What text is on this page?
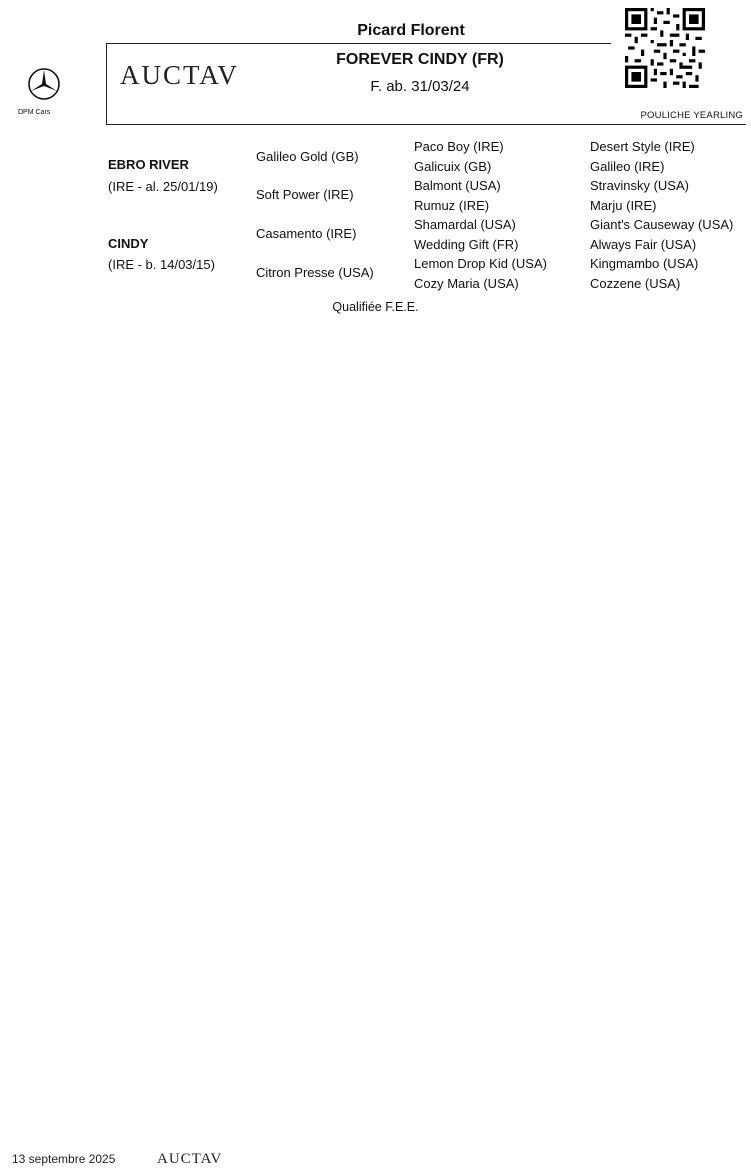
Picard Florent
DPM Cars
AUCTAV
FOREVER CINDY (FR)
F. ab. 31/03/24
POULICHE YEARLING
EBRO RIVER
(IRE - al. 25/01/19)
CINDY
(IRE - b. 14/03/15)
Galileo Gold (GB)
Soft Power (IRE)
Casamento (IRE)
Citron Presse (USA)
Paco Boy (IRE)
Galicuix (GB)
Balmont (USA)
Rumuz (IRE)
Shamardal (USA)
Wedding Gift (FR)
Lemon Drop Kid (USA)
Cozy Maria (USA)
Desert Style (IRE)
Galileo (IRE)
Stravinsky (USA)
Marju (IRE)
Giant's Causeway (USA)
Always Fair (USA)
Kingmambo (USA)
Cozzene (USA)
Qualifiée F.E.E.
13 septembre 2025	AUCTAV
